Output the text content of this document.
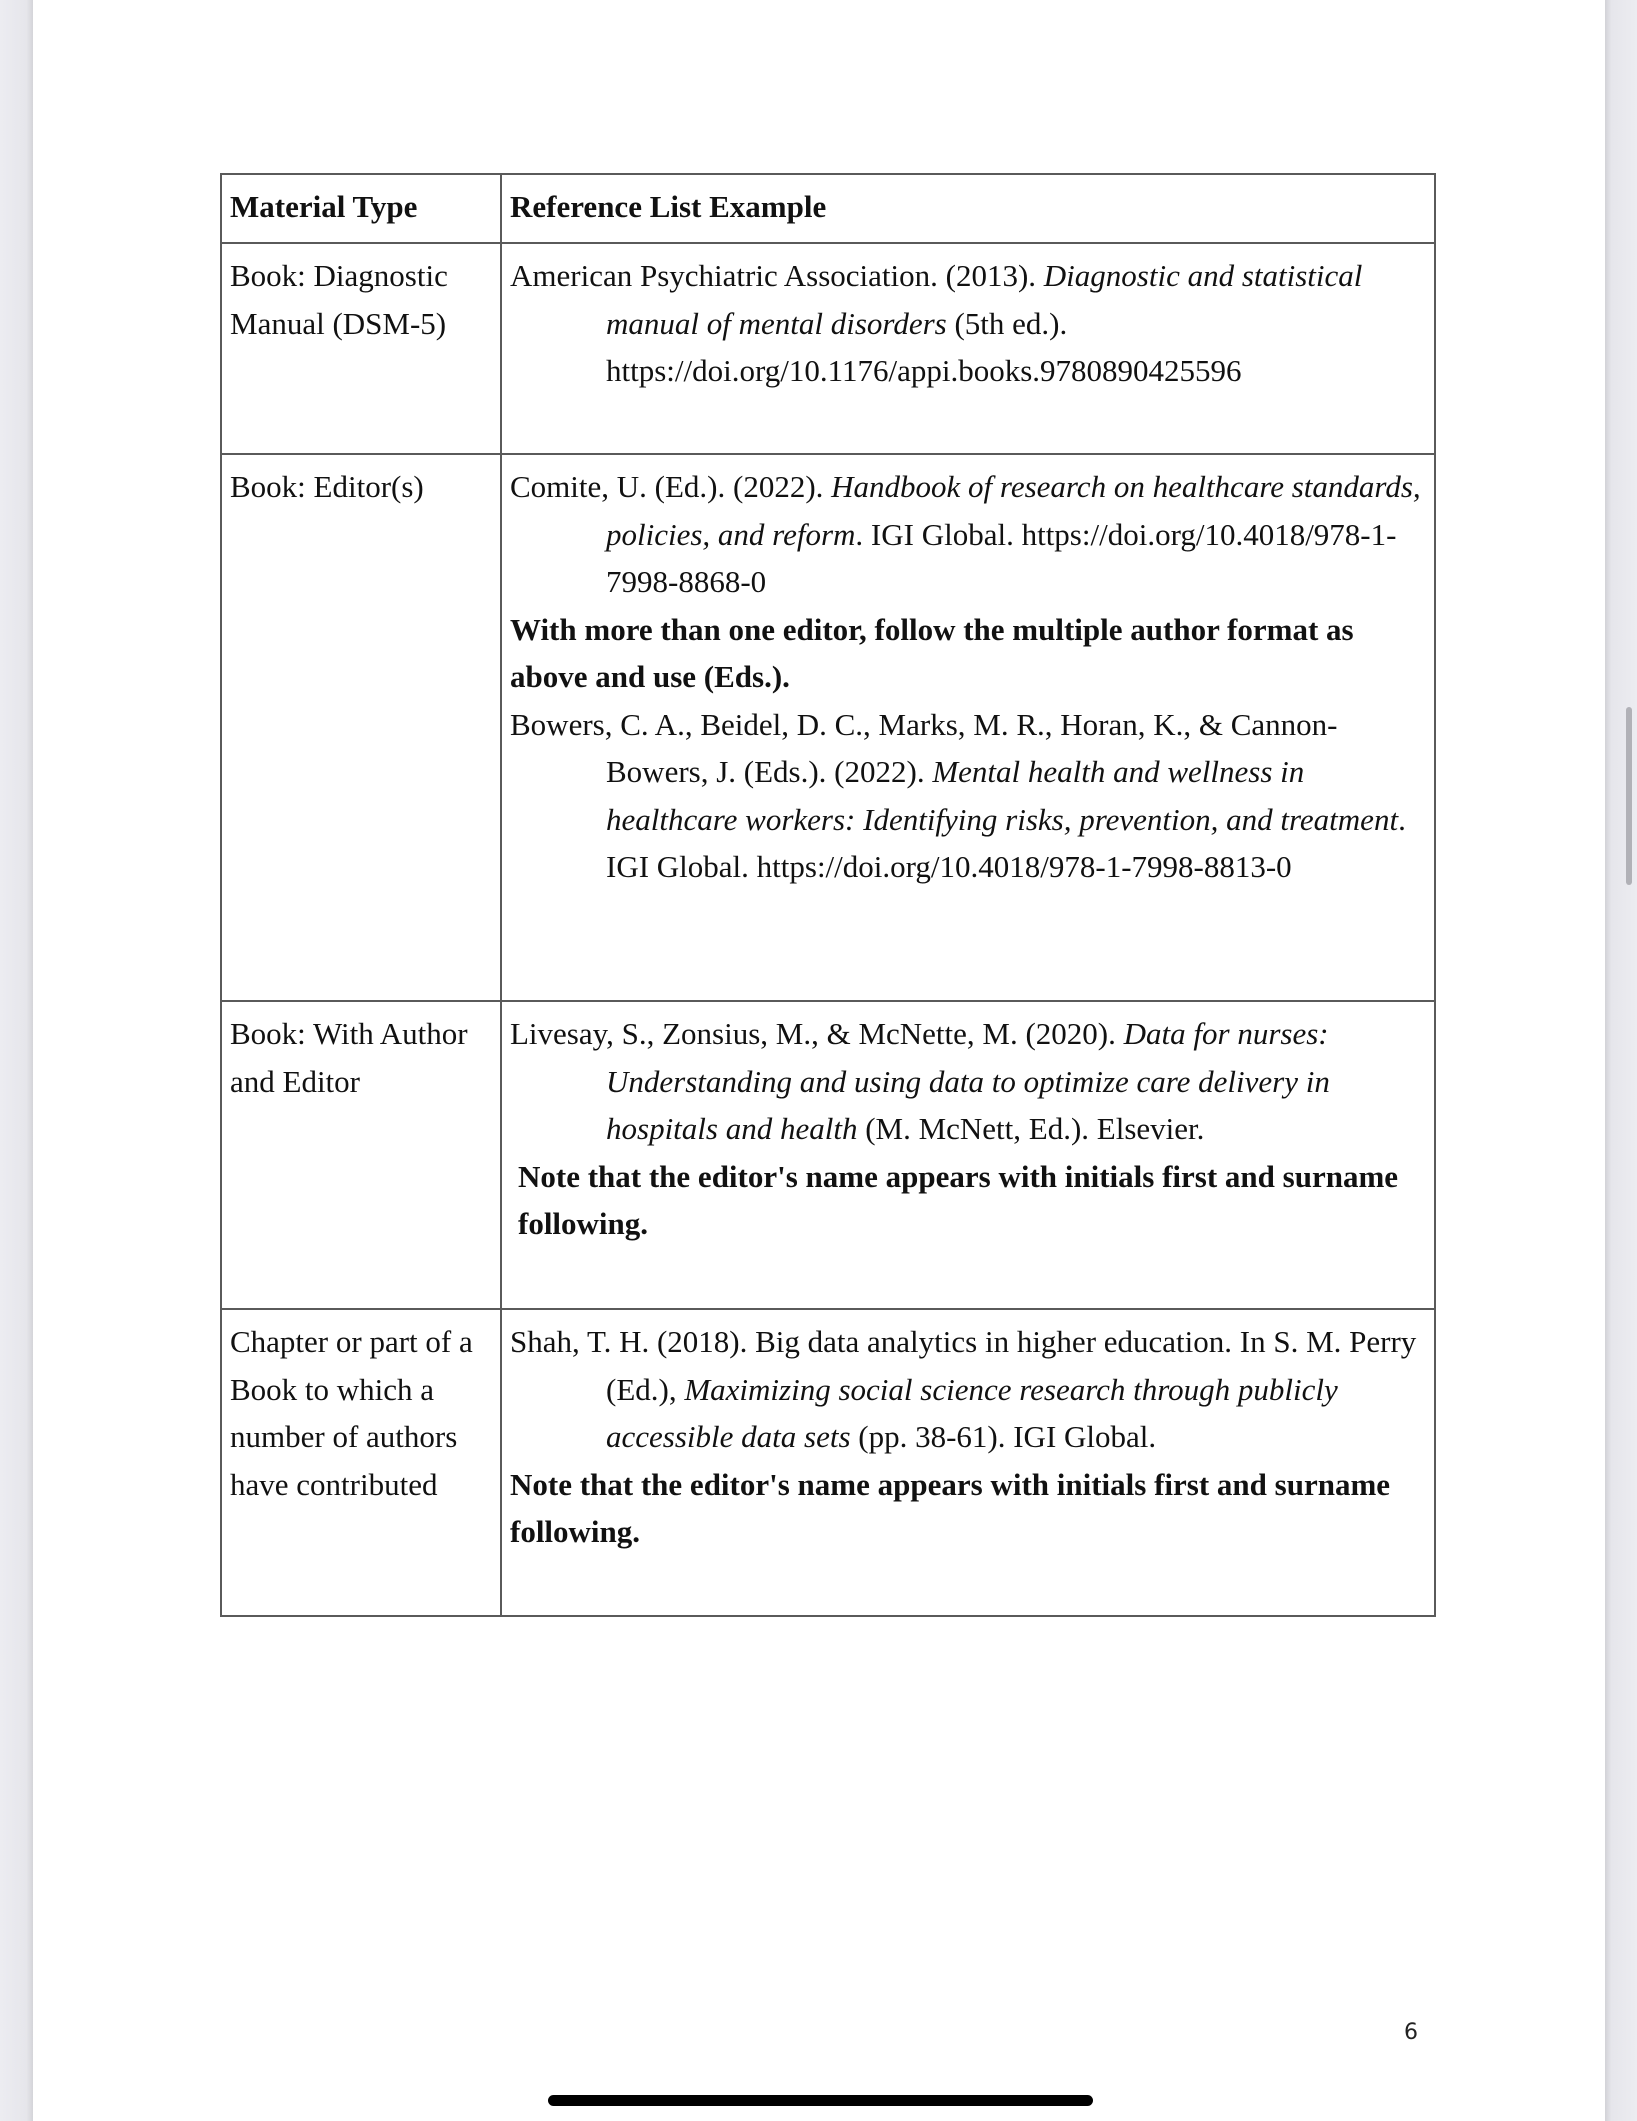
Material Type	Reference List Example
Book: Diagnostic Manual (DSM-5)	American Psychiatric Association. (2013). Diagnostic and statistical manual of mental disorders (5th ed.). https://doi.org/10.1176/appi.books.9780890425596

Book: Editor(s)	Comite, U. (Ed.). (2022). Handbook of research on healthcare standards, policies, and reform. IGI Global. https://doi.org/10.4018/978-1-7998-8868-0
With more than one editor, follow the multiple author format as above and use (Eds.).
Bowers, C. A., Beidel, D. C., Marks, M. R., Horan, K., & Cannon-Bowers, J. (Eds.). (2022). Mental health and wellness in healthcare workers: Identifying risks, prevention, and treatment. IGI Global. https://doi.org/10.4018/978-1-7998-8813-0

Book: With Author and Editor	Livesay, S., Zonsius, M., & McNette, M. (2020). Data for nurses: Understanding and using data to optimize care delivery in hospitals and health (M. McNett, Ed.). Elsevier.
Note that the editor's name appears with initials first and surname following.

Chapter or part of a Book to which a number of authors have contributed	Shah, T. H. (2018). Big data analytics in higher education. In S. M. Perry (Ed.), Maximizing social science research through publicly accessible data sets (pp. 38-61). IGI Global.
Note that the editor's name appears with initials first and surname following.
6
